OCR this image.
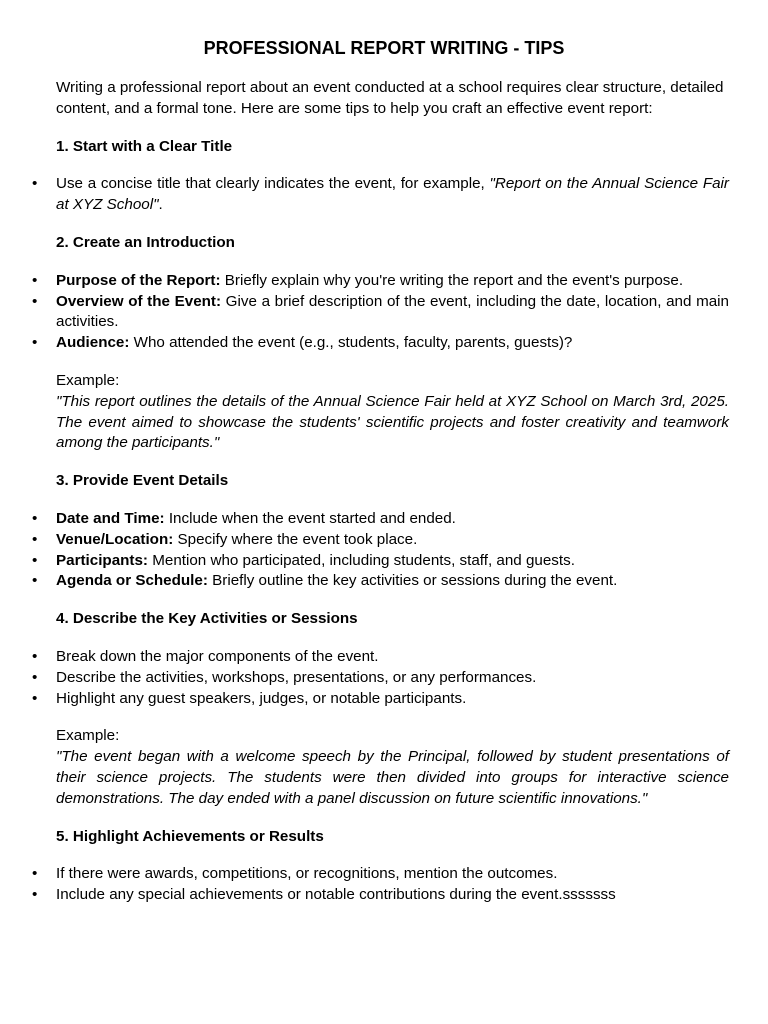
PROFESSIONAL REPORT WRITING - TIPS

Writing a professional report about an event conducted at a school requires clear structure, detailed content, and a formal tone. Here are some tips to help you craft an effective event report:

1. Start with a Clear Title

• Use a concise title that clearly indicates the event, for example, "Report on the Annual Science Fair at XYZ School".

2. Create an Introduction

• Purpose of the Report: Briefly explain why you're writing the report and the event's purpose.
• Overview of the Event: Give a brief description of the event, including the date, location, and main activities.
• Audience: Who attended the event (e.g., students, faculty, parents, guests)?

Example:

"This report outlines the details of the Annual Science Fair held at XYZ School on March 3rd, 2025. The event aimed to showcase the students' scientific projects and foster creativity and teamwork among the participants."

3. Provide Event Details

• Date and Time: Include when the event started and ended.
• Venue/Location: Specify where the event took place.
• Participants: Mention who participated, including students, staff, and guests.
• Agenda or Schedule: Briefly outline the key activities or sessions during the event.

4. Describe the Key Activities or Sessions

• Break down the major components of the event.
• Describe the activities, workshops, presentations, or any performances.
• Highlight any guest speakers, judges, or notable participants.

Example:

"The event began with a welcome speech by the Principal, followed by student presentations of their science projects. The students were then divided into groups for interactive science demonstrations. The day ended with a panel discussion on future scientific innovations."

5. Highlight Achievements or Results

• If there were awards, competitions, or recognitions, mention the outcomes.
• Include any special achievements or notable contributions during the event.sssssss
